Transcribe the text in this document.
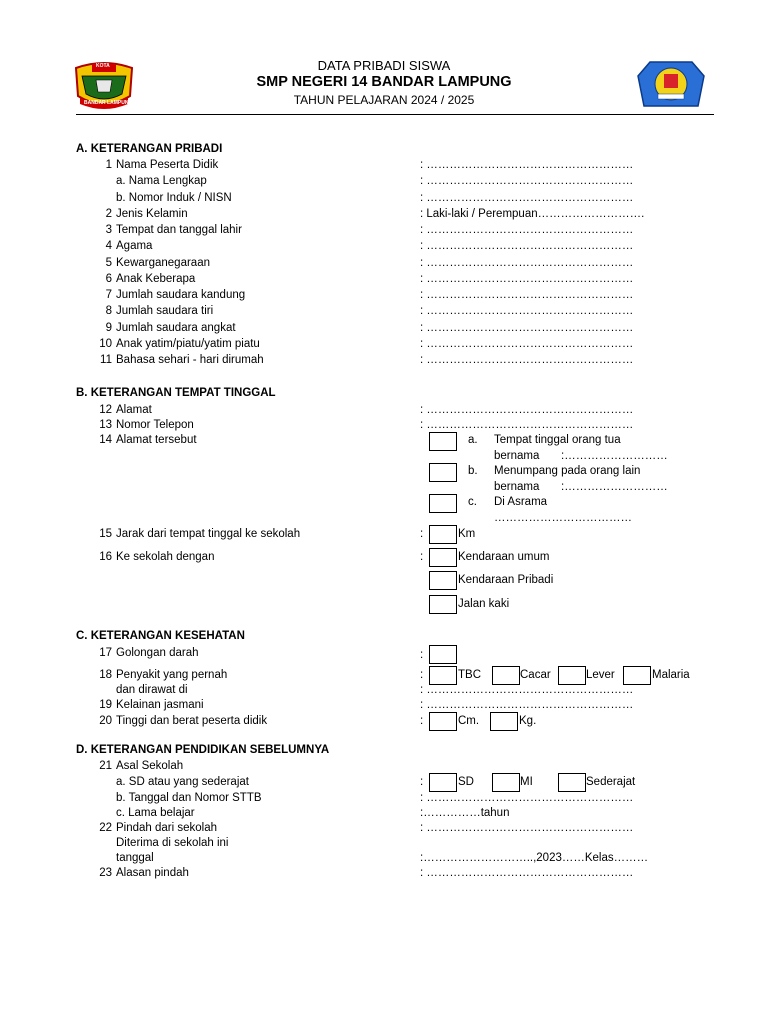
KOTA
BANDAR LAMPUNG
DATA PRIBADI SISWA
SMP NEGERI 14 BANDAR LAMPUNG
TAHUN PELAJARAN 2024 / 2025
A. KETERANGAN PRIBADI
1 Nama Peserta Didik	: ………………………………………………
a. Nama Lengkap	: ………………………………………………
b. Nomor Induk / NISN	: ………………………………………………
2 Jenis Kelamin	: Laki-laki / Perempuan……………………….
3 Tempat dan tanggal lahir	: ………………………………………………
4 Agama	: ………………………………………………
5 Kewarganegaraan	: ………………………………………………
6 Anak Keberapa	: ………………………………………………
7 Jumlah saudara kandung	: ………………………………………………
8 Jumlah saudara tiri	: ………………………………………………
9 Jumlah saudara angkat	: ………………………………………………
10 Anak yatim/piatu/yatim piatu	: ………………………………………………
11 Bahasa sehari - hari dirumah	: ………………………………………………
B. KETERANGAN TEMPAT TINGGAL
12 Alamat	: ………………………………………………
13 Nomor Telepon	: ………………………………………………
14 Alamat tersebut	a. Tempat tinggal orang tua
bernama :………………………
b. Menumpang pada orang lain
bernama :………………………
c. Di Asrama
………………………………
15 Jarak dari tempat tinggal ke sekolah	:	Km
16 Ke sekolah dengan	:	Kendaraan umum
Kendaraan Pribadi
Jalan kaki
C. KETERANGAN KESEHATAN
17 Golongan darah	:
18 Penyakit yang pernah	:	TBC	Cacar	Lever	Malaria
dan dirawat di	: ………………………………………………
19 Kelainan jasmani	: ………………………………………………
20 Tinggi dan berat peserta didik	:	Cm.	Kg.
D. KETERANGAN PENDIDIKAN SEBELUMNYA
21 Asal Sekolah
a. SD atau yang sederajat	:	SD	MI	Sederajat
b. Tanggal dan Nomor STTB	: ………………………………………………
c. Lama belajar	:……………tahun
22 Pindah dari sekolah	: ………………………………………………
Diterima di sekolah ini
tanggal	:………………………..,2023……Kelas………
23 Alasan pindah	: ………………………………………………
